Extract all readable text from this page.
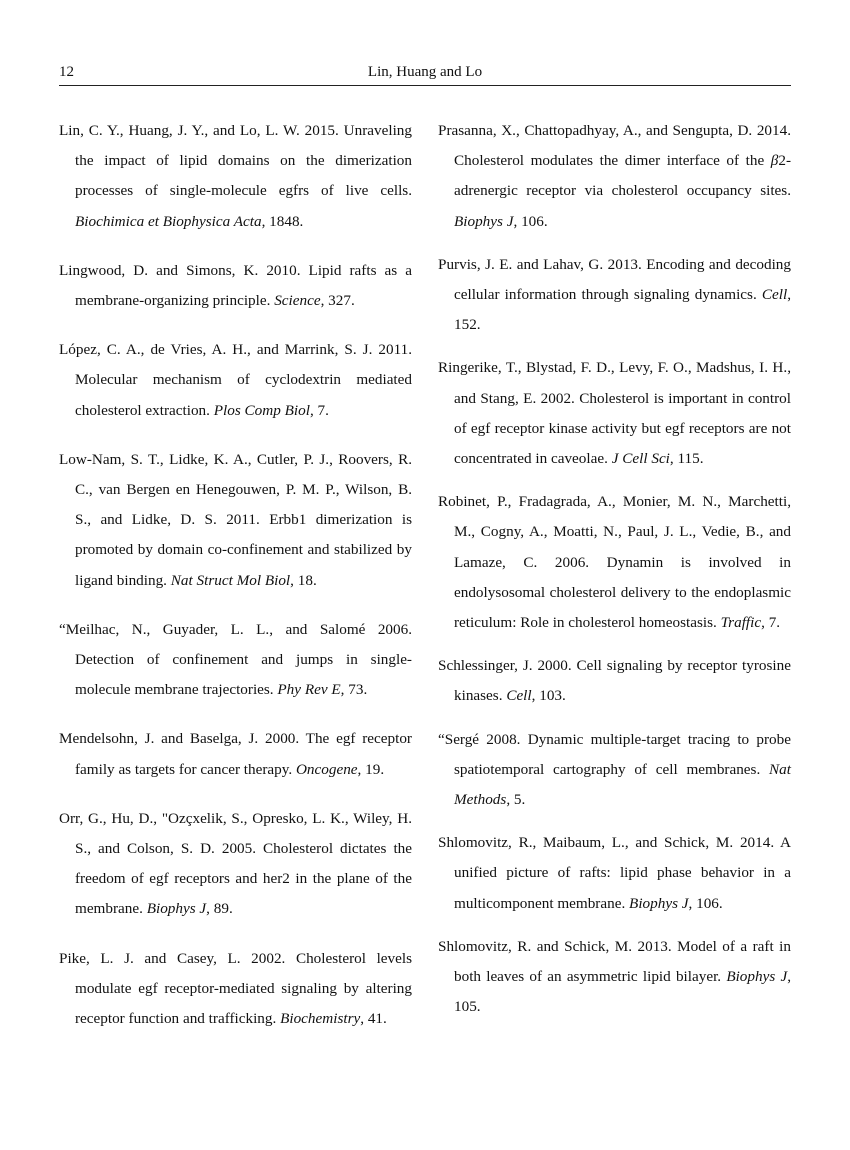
12	Lin, Huang and Lo

Lin, C. Y., Huang, J. Y., and Lo, L. W. 2015. Unraveling the impact of lipid domains on the dimerization processes of single-molecule egfrs of live cells. Biochimica et Biophysica Acta, 1848.

Lingwood, D. and Simons, K. 2010. Lipid rafts as a membrane-organizing principle. Science, 327.

López, C. A., de Vries, A. H., and Marrink, S. J. 2011. Molecular mechanism of cyclodextrin mediated cholesterol extraction. Plos Comp Biol, 7.

Low-Nam, S. T., Lidke, K. A., Cutler, P. J., Roovers, R. C., van Bergen en Henegouwen, P. M. P., Wilson, B. S., and Lidke, D. S. 2011. Erbb1 dimerization is promoted by domain co-confinement and stabilized by ligand binding. Nat Struct Mol Biol, 18.

“Meilhac, N., Guyader, L. L., and Salomé 2006. Detection of confinement and jumps in single-molecule membrane trajectories. Phy Rev E, 73.

Mendelsohn, J. and Baselga, J. 2000. The egf receptor family as targets for cancer therapy. Oncogene, 19.

Orr, G., Hu, D., "Ozçxelik, S., Opresko, L. K., Wiley, H. S., and Colson, S. D. 2005. Cholesterol dictates the freedom of egf receptors and her2 in the plane of the membrane. Biophys J, 89.

Pike, L. J. and Casey, L. 2002. Cholesterol levels modulate egf receptor-mediated signaling by altering receptor function and trafficking. Biochemistry, 41.

Prasanna, X., Chattopadhyay, A., and Sengupta, D. 2014. Cholesterol modulates the dimer interface of the β2-adrenergic receptor via cholesterol occupancy sites. Biophys J, 106.

Purvis, J. E. and Lahav, G. 2013. Encoding and decoding cellular information through signaling dynamics. Cell, 152.

Ringerike, T., Blystad, F. D., Levy, F. O., Madshus, I. H., and Stang, E. 2002. Cholesterol is important in control of egf receptor kinase activity but egf receptors are not concentrated in caveolae. J Cell Sci, 115.

Robinet, P., Fradagrada, A., Monier, M. N., Marchetti, M., Cogny, A., Moatti, N., Paul, J. L., Vedie, B., and Lamaze, C. 2006. Dynamin is involved in endolysosomal cholesterol delivery to the endoplasmic reticulum: Role in cholesterol homeostasis. Traffic, 7.

Schlessinger, J. 2000. Cell signaling by receptor tyrosine kinases. Cell, 103.

“Sergé 2008. Dynamic multiple-target tracing to probe spatiotemporal cartography of cell membranes. Nat Methods, 5.

Shlomovitz, R., Maibaum, L., and Schick, M. 2014. A unified picture of rafts: lipid phase behavior in a multicomponent membrane. Biophys J, 106.

Shlomovitz, R. and Schick, M. 2013. Model of a raft in both leaves of an asymmetric lipid bilayer. Biophys J, 105.
